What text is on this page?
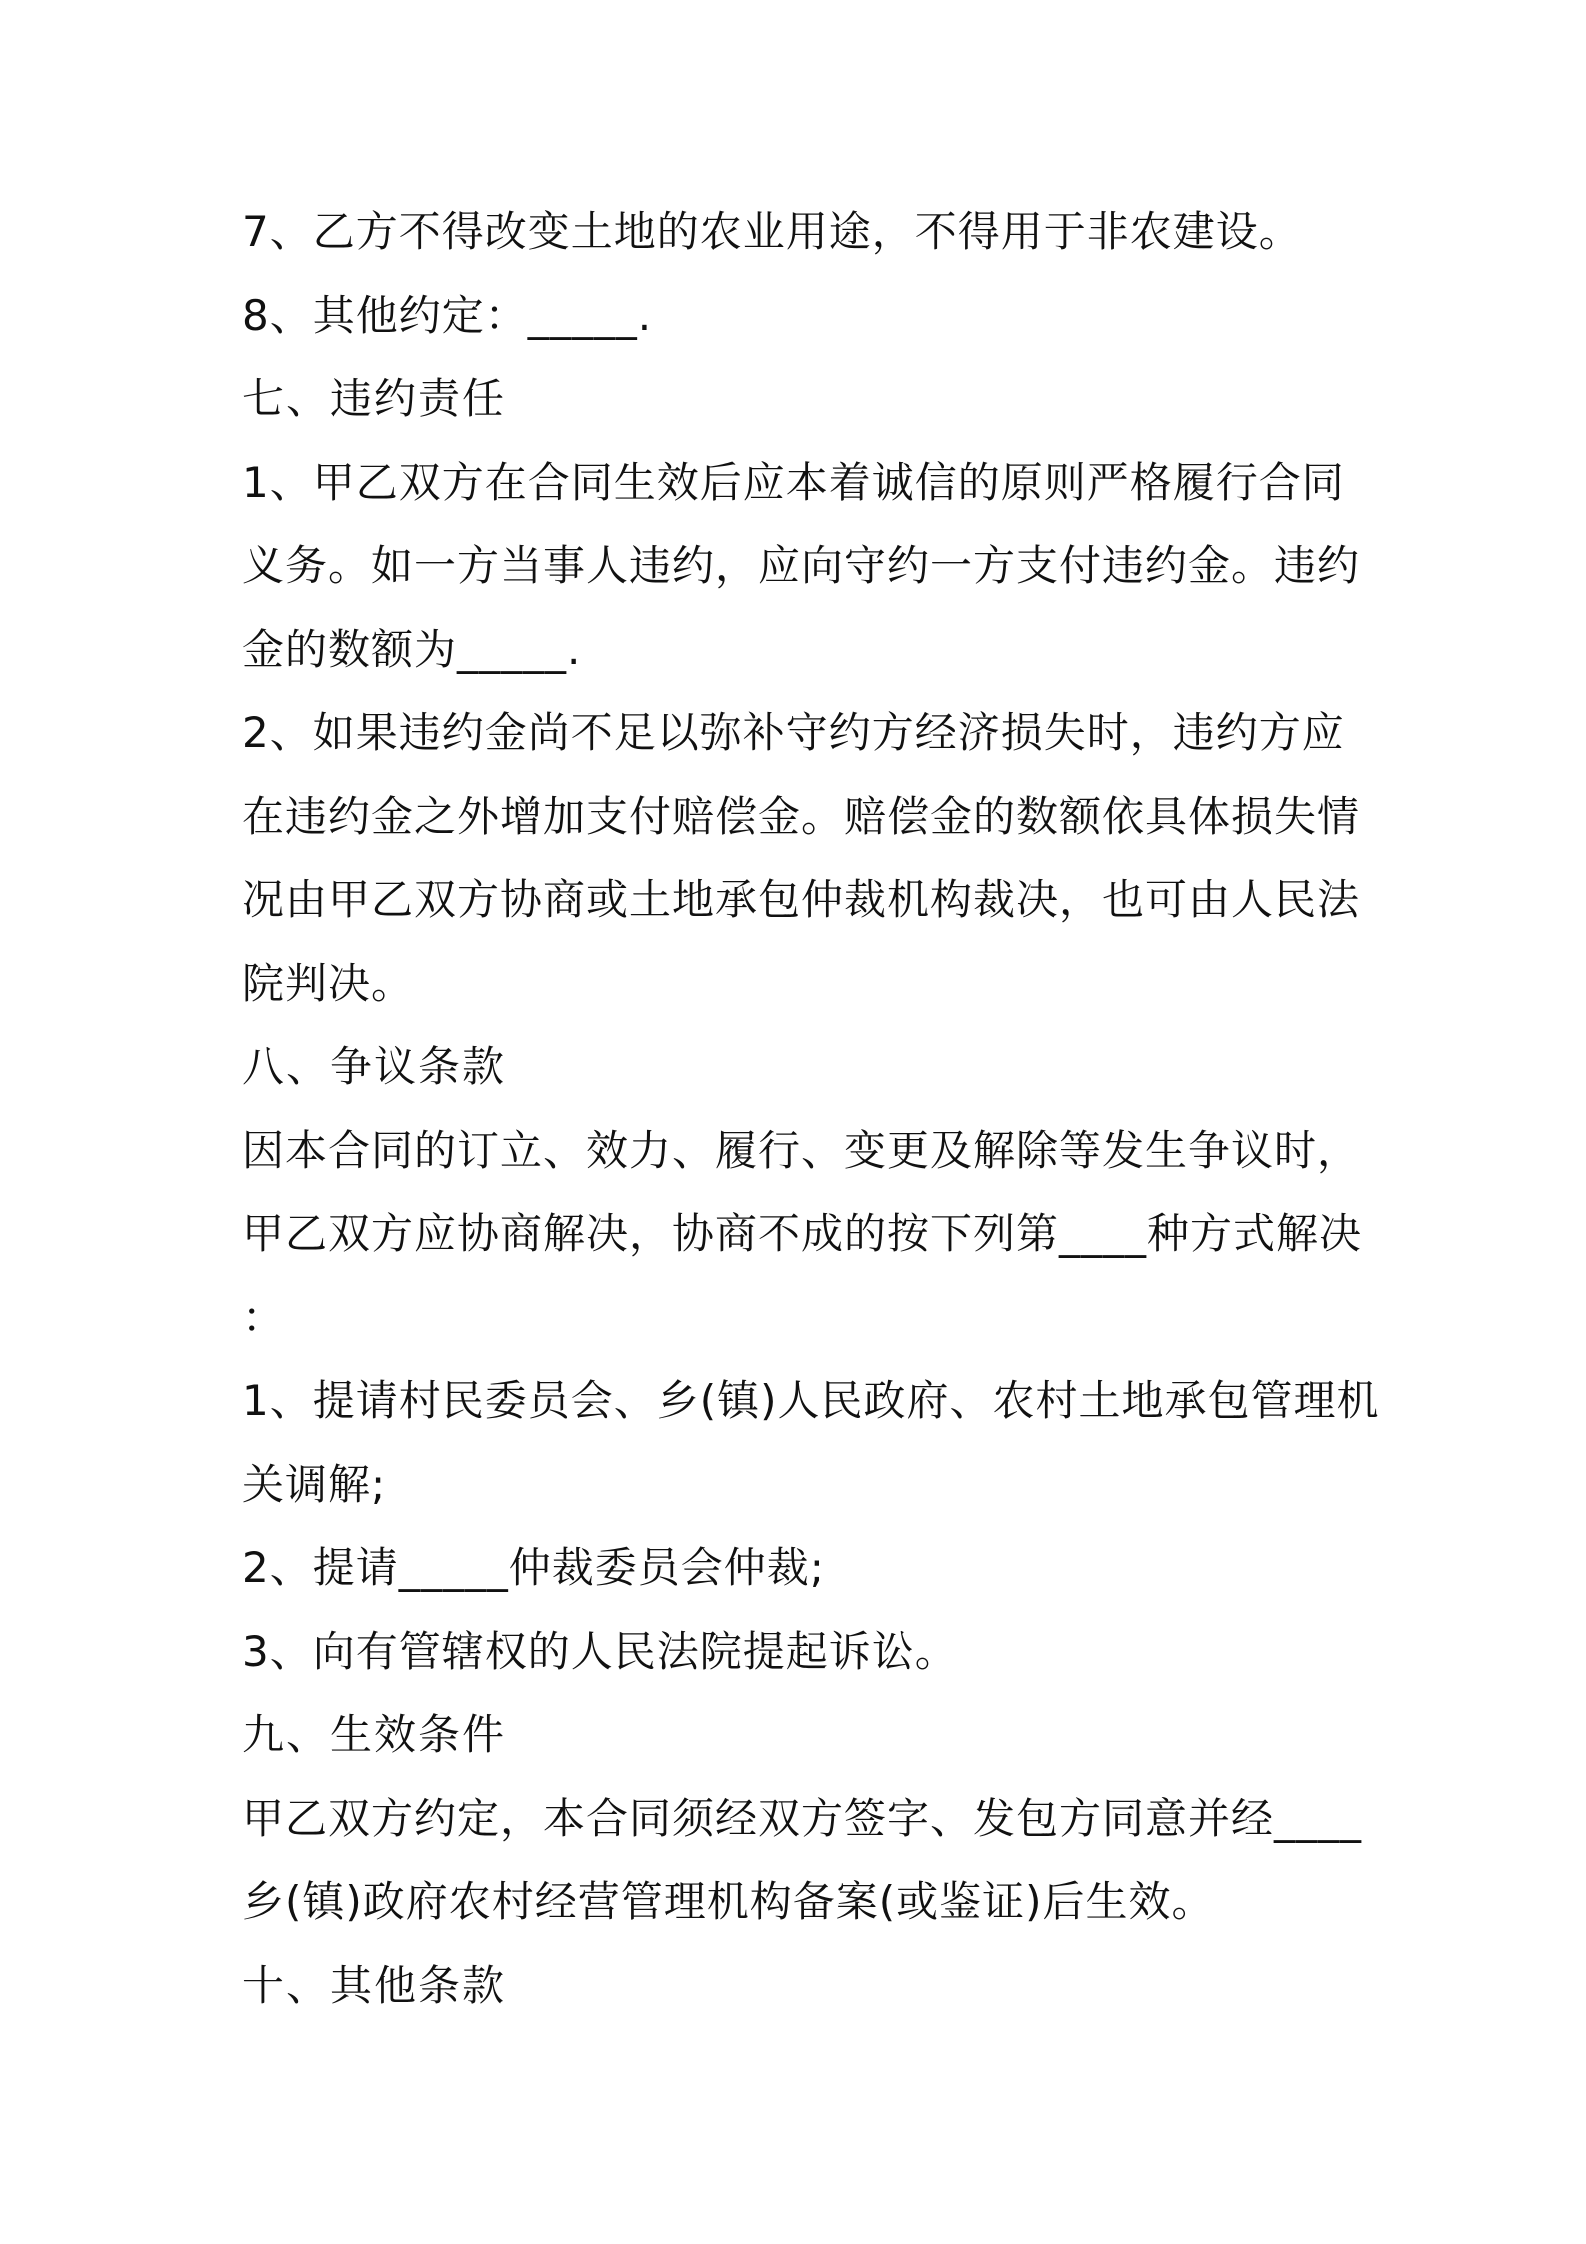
7、乙方不得改变土地的农业用途，不得用于非农建设。
8、其他约定：_____.
七、违约责任
1、甲乙双方在合同生效后应本着诚信的原则严格履行合同
义务。如一方当事人违约，应向守约一方支付违约金。违约
金的数额为_____.
2、如果违约金尚不足以弥补守约方经济损失时，违约方应
在违约金之外增加支付赔偿金。赔偿金的数额依具体损失情
况由甲乙双方协商或土地承包仲裁机构裁决，也可由人民法
院判决。
八、争议条款
因本合同的订立、效力、履行、变更及解除等发生争议时，
甲乙双方应协商解决，协商不成的按下列第____种方式解决
：
1、提请村民委员会、乡(镇)人民政府、农村土地承包管理机
关调解;
2、提请_____仲裁委员会仲裁;
3、向有管辖权的人民法院提起诉讼。
九、生效条件
甲乙双方约定，本合同须经双方签字、发包方同意并经____
乡(镇)政府农村经营管理机构备案(或鉴证)后生效。
十、其他条款
